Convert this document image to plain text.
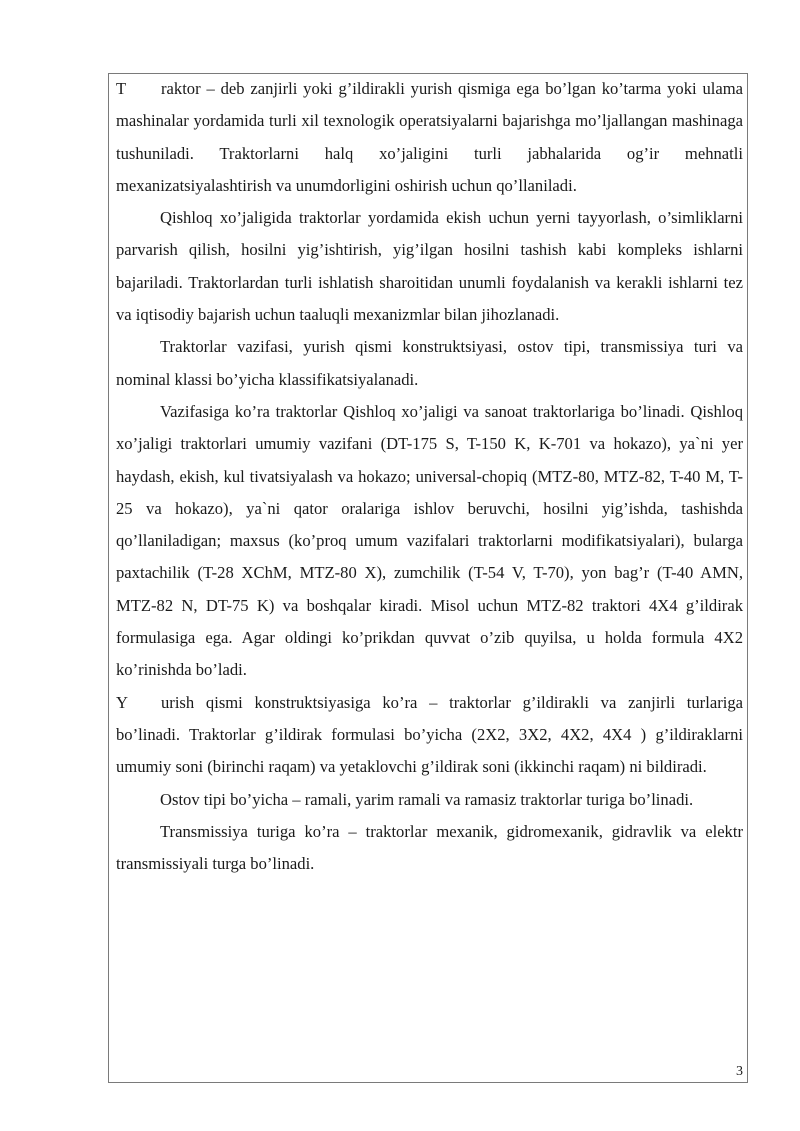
T raktor – deb zanjirli yoki g’ildirakli yurish qismiga ega bo’lgan ko’tarma yoki ulama mashinalar yordamida turli xil texnologik operatsiyalarni bajarishga mo’ljallangan mashinaga tushuniladi. Traktorlarni halq xo’jaligini turli jabhalarida og’ir mehnatli mexanizatsiyalashtirish va unumdorligini oshirish uchun qo’llaniladi.

Qishloq xo’jaligida traktorlar yordamida ekish uchun yerni tayyorlash, o’simliklarni parvarish qilish, hosilni yig’ishtirish, yig’ilgan hosilni tashish kabi kompleks ishlarni bajariladi. Traktorlardan turli ishlatish sharoitidan unumli foydalanish va kerakli ishlarni tez va iqtisodiy bajarish uchun taaluqli mexanizmlar bilan jihozlanadi.

Traktorlar vazifasi, yurish qismi konstruktsiyasi, ostov tipi, transmissiya turi va nominal klassi bo’yicha klassifikatsiyalanadi.

Vazifasiga ko’ra traktorlar Qishloq xo’jaligi va sanoat traktorlariga bo’linadi. Qishloq xo’jaligi traktorlari umumiy vazifani (DT-175 S, T-150 K, K-701 va hokazo), ya`ni yer haydash, ekish, kul tivatsiyalash va hokazo; universal-chopiq (MTZ-80, MTZ-82, T-40 M, T-25 va hokazo), ya`ni qator oralariga ishlov beruvchi, hosilni yig’ishda, tashishda qo’llaniladigan; maxsus (ko’proq umum vazifalari traktorlarni modifikatsiyalari), bularga paxtachilik (T-28 XChM, MTZ-80 X), zumchilik (T-54 V, T-70), yon bag’r (T-40 AMN, MTZ-82 N, DT-75 K) va boshqalar kiradi. Misol uchun MTZ-82 traktori 4X4 g’ildirak formulasiga ega. Agar oldingi ko’prikdan quvvat o’zib quyilsa, u holda formula 4X2 ko’rinishda bo’ladi.

Y urish qismi konstruktsiyasiga ko’ra – traktorlar g’ildirakli va zanjirli turlariga bo’linadi. Traktorlar g’ildirak formulasi bo’yicha (2X2, 3X2, 4X2, 4X4 ) g’ildiraklarni umumiy soni (birinchi raqam) va yetaklovchi g’ildirak soni (ikkinchi raqam) ni bildiradi.

Ostov tipi bo’yicha – ramali, yarim ramali va ramasiz traktorlar turiga bo’linadi.

Transmissiya turiga ko’ra – traktorlar mexanik, gidromexanik, gidravlik va elektr transmissiyali turga bo’linadi.

3
